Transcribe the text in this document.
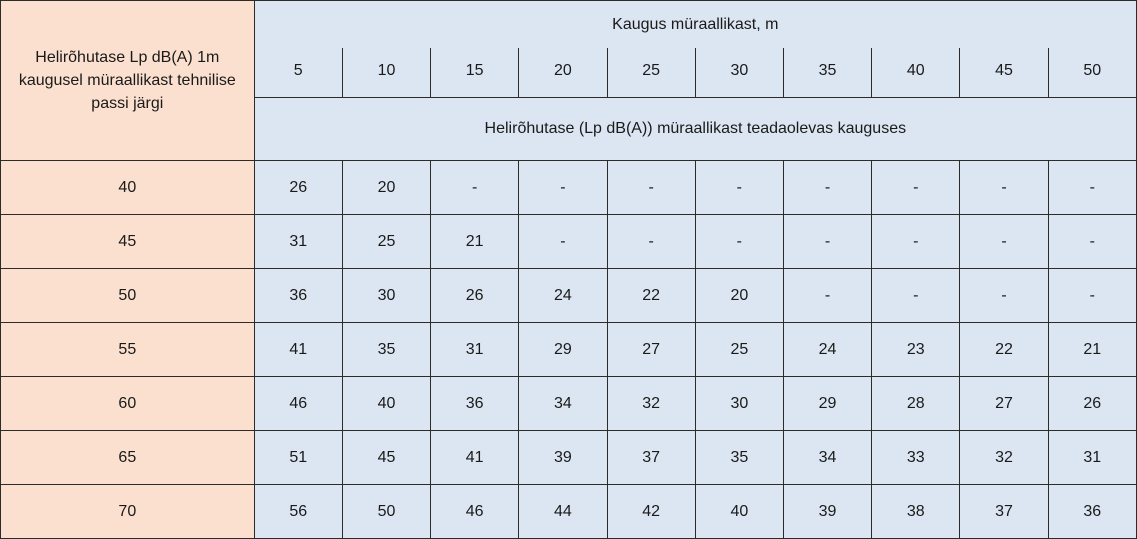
Helirõhutase Lp dB(A) 1m kaugusel müraallikast tehnilise passi järgi	Kaugus müraallikast, m									
	5	10	15	20	25	30	35	40	45	50
	Helirõhutase (Lp dB(A)) müraallikast teadaolevas kauguses									
40	26	20	-	-	-	-	-	-	-	-
45	31	25	21	-	-	-	-	-	-	-
50	36	30	26	24	22	20	-	-	-	-
55	41	35	31	29	27	25	24	23	22	21
60	46	40	36	34	32	30	29	28	27	26
65	51	45	41	39	37	35	34	33	32	31
70	56	50	46	44	42	40	39	38	37	36
